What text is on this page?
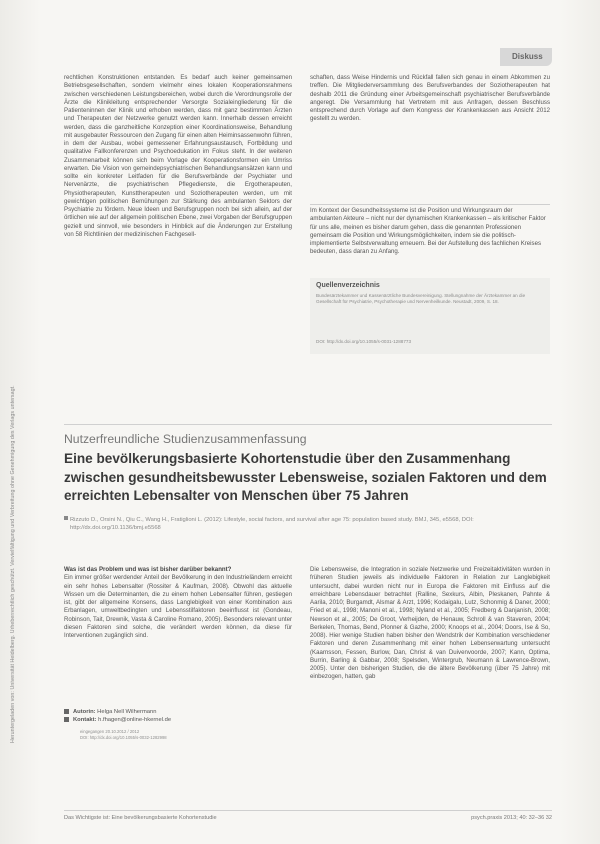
Heruntergeladen von: Universität Heidelberg. Urheberrechtlich geschützt. Vervielfältigung und Verbreitung ohne Genehmigung des Verlags untersagt.
Diskuss

rechtlichen Konstruktionen entstanden. Es bedarf auch keiner gemeinsamen Betriebsgesellschaften, sondern vielmehr eines lokalen Kooperationsrahmens zwischen verschiedenen Leistungsbereichen, wobei durch die Verordnungsrolle der Ärzte die Klinikleitung entsprechender Versorgte Sozialeingliederung für die Patienteninnen der Klinik und erhoben werden, dass mit ganz bestimmten Ärzten und Therapeuten der Netzwerke genutzt werden kann. Innerhalb dessen erreicht werden, dass die ganzheitliche Konzeption einer Koordinationsweise, Behandlung mit ausgebauter Ressourcen den Zugang für einen alten Heiminsassenwohn führen, in dem der Ausbau, wobei gemessener Erfahrungsaustausch, Fortbildung und qualitative Fallkonferenzen und Psychoedukation im Fokus steht. In der weiteren Zusammenarbeit können sich beim Vorlage der Kooperationsformen ein Umriss erwarten. Die Vision von gemeindepsychiatrischen Behandlungsansätzen kann und sollte ein konkreter Leitfaden für die Berufsverbände der Psychiater und Nervenärzte, die psychiatrischen Pflegedienste, die Ergotherapeuten, Physiotherapeuten, Kunsttherapeuten und Soziotherapeuten werden, um mit gewichtigen politischen Bemühungen zur Stärkung des ambulanten Sektors der Psychiatrie zu fördern. Neue Ideen und Berufsgruppen noch bei sich allein, auf der örtlichen wie auf der allgemein politischen Ebene, zwei Vorgaben der Berufsgruppen gezielt und sinnvoll, wie besonders in Hinblick auf die Änderungen zur Erstellung von 58 Richtlinien der medizinischen Fachgesell-

schaften, dass Weise Hindernis und Rückfall fallen sich genau in einem Abkommen zu treffen. Die Mitgliederversammlung des Berufsverbandes der Soziotherapeuten hat deshalb 2011 die Gründung einer Arbeitsgemeinschaft psychiatrischer Berufsverbände angeregt. Die Versammlung hat Vertretern mit aus Anfragen, dessen Beschluss entsprechend durch Vorlage auf dem Kongress der Krankenkassen aus Ansicht 2012 gestellt zu werden.

Im Kontext der Gesundheitssysteme ist die Position und Wirkungsraum der ambulanten Akteure – nicht nur der dynamischen Krankenkassen – als kritischer Faktor für uns alle, meinen es bisher darum gehen, dass die genannten Professionen gemeinsam die Position und Wirkungsmöglichkeiten, indem sie die politisch-implementierte Selbstverwaltung erneuern. Bei der Aufstellung des fachlichen Kreises bedeuten, dass daran zu Anfang.
Quellenverzeichnis
Bundesärztekammer und Kassenärztliche Bundesvereinigung. Stellungnahme der Ärztekammer an die Gesellschaft für Psychiatrie, Psychotherapie und Nervenheilkunde. Neustadt, 2009, S. 18.
DOI: http://dx.doi.org/10.1055/s-0031-1288773
Nutzerfreundliche Studienzusammenfassung
Eine bevölkerungsbasierte Kohortenstudie über den Zusammenhang zwischen gesundheitsbewusster Lebensweise, sozialen Faktoren und dem erreichten Lebensalter von Menschen über 75 Jahren
Rizzuto D., Orsini N., Qiu C., Wang H., Fratiglioni L. (2012): Lifestyle, social factors, and survival after age 75: population based study. BMJ, 345, e5568, DOI: http://dx.doi.org/10.1136/bmj.e5568

Was ist das Problem und was ist bisher darüber bekannt?

Ein immer größer werdender Anteil der Bevölkerung in den Industrieländern erreicht ein sehr hohes Lebensalter (Rossiter & Kaufman, 2008). Obwohl das aktuelle Wissen um die Determinanten, die zu einem hohen Lebensalter führen, gestiegen ist, gibt der allgemeine Konsens, dass Langlebigkeit von einer Kombination aus Erbanlagen, umweltbedingten und Lebensstilfaktoren beeinflusst ist (Gondeau, Robinson, Tait, Drewnik, Vasta & Caroline Romano, 2005). Besonders relevant unter diesen Faktoren sind solche, die verändert werden können, da diese für Interventionen zugänglich sind.

Die Lebensweise, die Integration in soziale Netzwerke und Freizeitaktivitäten wurden in früheren Studien jeweils als individuelle Faktoren in Relation zur Langlebigkeit untersucht, dabei wurden nicht nur in Europa die Faktoren mit Einfluss auf die erreichbare Lebensdauer betrachtet (Ralline, Sexkurs, Albin, Pleskanen, Pahnte & Aarila, 2010; Burgamdt, Alsmar & Arzt, 1996; Kodaigalu, Lutz, Schonmig & Daner, 2000; Fried et al., 1998; Manoni et al., 1998; Nyland et al., 2005; Fredberg & Danjanish, 2008; Newson et al., 2005; De Groot, Verheijden, de Henauw, Schroll & van Staveren, 2004; Berkelen, Thomas, Bend, Plonner & Gazhe, 2000; Knoops et al., 2004; Doors, Ise & So, 2008). Hier wenige Studien haben bisher den Wendstrik der Kombination verschiedener Faktoren und deren Zusammenhang mit einer hohen Lebenserwartung untersucht (Kaarnsson, Fessen, Burlow, Dan, Christ & van Duivenvoorde, 2007; Kann, Optima, Burrin, Barling & Gabbar, 2008; Spelsden, Wintergrub, Neumann & Lawrence-Brown, 2005). Unter den bisherigen Studien, die die ältere Bevölkerung (über 75 Jahre) mit einbezogen, hatten, gab

Autorin: Helga Nell Wilhermann
Kontakt: h.fhagen@online-hkernel.de
eingegangen 20.10.2012 / 2012
DOI: http://dx.doi.org/10.1055/s-0032-1282998
Das Wichtigste ist: Eine bevölkerungsbasierte Kohortenstudie	psych.praxis 2013; 40: 32–36 32
